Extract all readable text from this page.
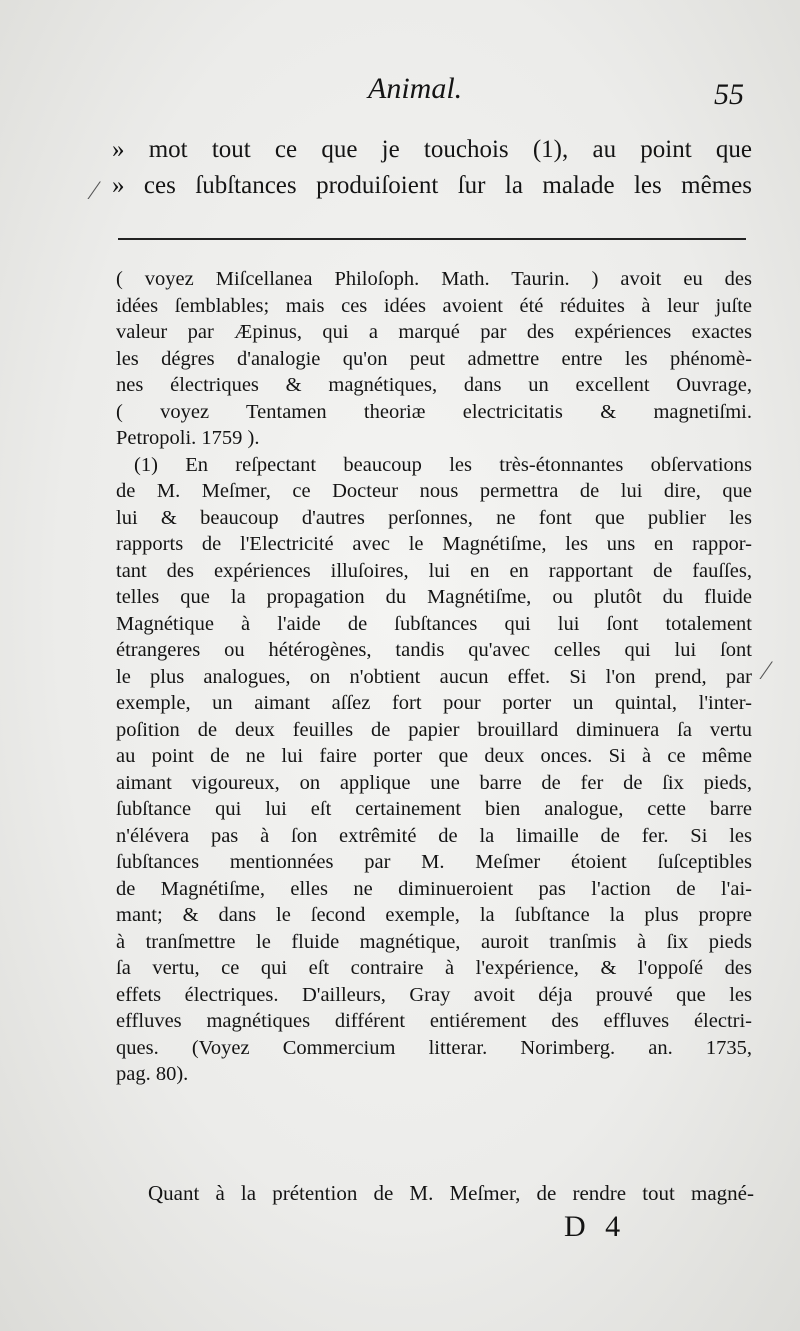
Animal.	55
» mot tout ce que je touchois (1), au point que
» ces ſubſtances produiſoient ſur la malade les mêmes
( voyez Miſcellanea Philoſoph. Math. Taurin. ) avoit eu des
idées ſemblables; mais ces idées avoient été réduites à leur juſte
valeur par Æpinus, qui a marqué par des expériences exactes
les dégres d'analogie qu'on peut admettre entre les phénomè-
nes électriques & magnétiques, dans un excellent Ouvrage,
( voyez Tentamen theoriæ electricitatis & magnetiſmi.
Petropoli. 1759 ).
(1) En reſpectant beaucoup les très-étonnantes obſervations
de M. Meſmer, ce Docteur nous permettra de lui dire, que
lui & beaucoup d'autres perſonnes, ne font que publier les
rapports de l'Electricité avec le Magnétiſme, les uns en rappor-
tant des expériences illuſoires, lui en en rapportant de fauſſes,
telles que la propagation du Magnétiſme, ou plutôt du fluide
Magnétique à l'aide de ſubſtances qui lui ſont totalement
étrangeres ou hétérogènes, tandis qu'avec celles qui lui ſont
le plus analogues, on n'obtient aucun effet. Si l'on prend, par
exemple, un aimant aſſez fort pour porter un quintal, l'inter-
poſition de deux feuilles de papier brouillard diminuera ſa vertu
au point de ne lui faire porter que deux onces. Si à ce même
aimant vigoureux, on applique une barre de fer de ſix pieds,
ſubſtance qui lui eſt certainement bien analogue, cette barre
n'élévera pas à ſon extrêmité de la limaille de fer. Si les
ſubſtances mentionnées par M. Meſmer étoient ſuſceptibles
de Magnétiſme, elles ne diminueroient pas l'action de l'ai-
mant; & dans le ſecond exemple, la ſubſtance la plus propre
à tranſmettre le fluide magnétique, auroit tranſmis à ſix pieds
ſa vertu, ce qui eſt contraire à l'expérience, & l'oppoſé des
effets électriques. D'ailleurs, Gray avoit déja prouvé que les
effluves magnétiques différent entiérement des effluves électri-
ques. (Voyez Commercium litterar. Norimberg. an. 1735,
pag. 80).
Quant à la prétention de M. Meſmer, de rendre tout magné-
D 4
⁄
⁄
